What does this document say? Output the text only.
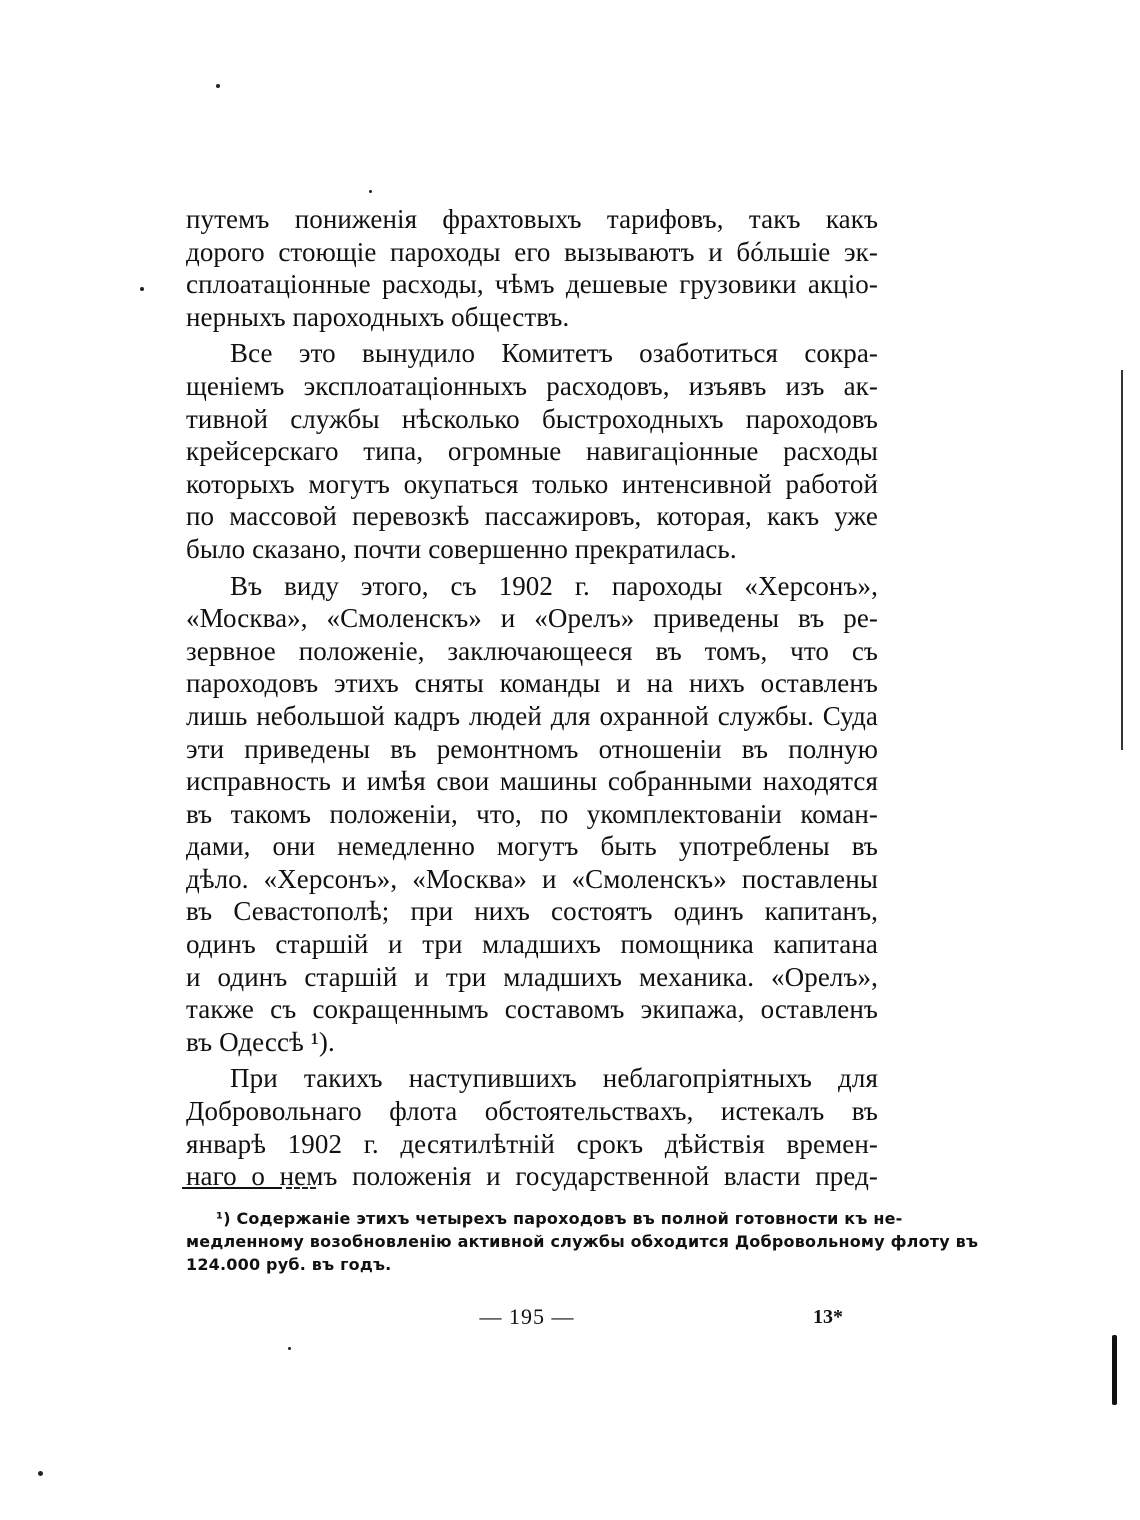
путемъ пониженія фрахтовыхъ тарифовъ, такъ какъ
дорого стоющіе пароходы его вызываютъ и бóльшіе эк-
сплоатаціонные расходы, чѣмъ дешевые грузовики акціо-
нерныхъ пароходныхъ обществъ.

Все это вынудило Комитетъ озаботиться сокра-
щеніемъ эксплоатаціонныхъ расходовъ, изъявъ изъ ак-
тивной службы нѣсколько быстроходныхъ пароходовъ
крейсерскаго типа, огромные навигаціонные расходы
которыхъ могутъ окупаться только интенсивной работой
по массовой перевозкѣ пассажировъ, которая, какъ уже
было сказано, почти совершенно прекратилась.

Въ виду этого, съ 1902 г. пароходы «Херсонъ»,
«Москва», «Смоленскъ» и «Орелъ» приведены въ ре-
зервное положеніе, заключающееся въ томъ, что съ
пароходовъ этихъ сняты команды и на нихъ оставленъ
лишь небольшой кадръ людей для охранной службы. Суда
эти приведены въ ремонтномъ отношеніи въ полную
исправность и имѣя свои машины собранными находятся
въ такомъ положеніи, что, по укомплектованіи коман-
дами, они немедленно могутъ быть употреблены въ
дѣло. «Херсонъ», «Москва» и «Смоленскъ» поставлены
въ Севастополѣ; при нихъ состоятъ одинъ капитанъ,
одинъ старшій и три младшихъ помощника капитана
и одинъ старшій и три младшихъ механика. «Орелъ»,
также съ сокращеннымъ составомъ экипажа, оставленъ
въ Одессѣ ¹).

При такихъ наступившихъ неблагопріятныхъ для
Добровольнаго флота обстоятельствахъ, истекалъ въ
январѣ 1902 г. десятилѣтній срокъ дѣйствія времен-
наго о немъ положенія и государственной власти пред-

¹) Содержаніе этихъ четырехъ пароходовъ въ полной готовности къ не-
медленному возобновленію активной службы обходится Добровольному флоту въ
124.000 руб. въ годъ.
— 195 —	13*
